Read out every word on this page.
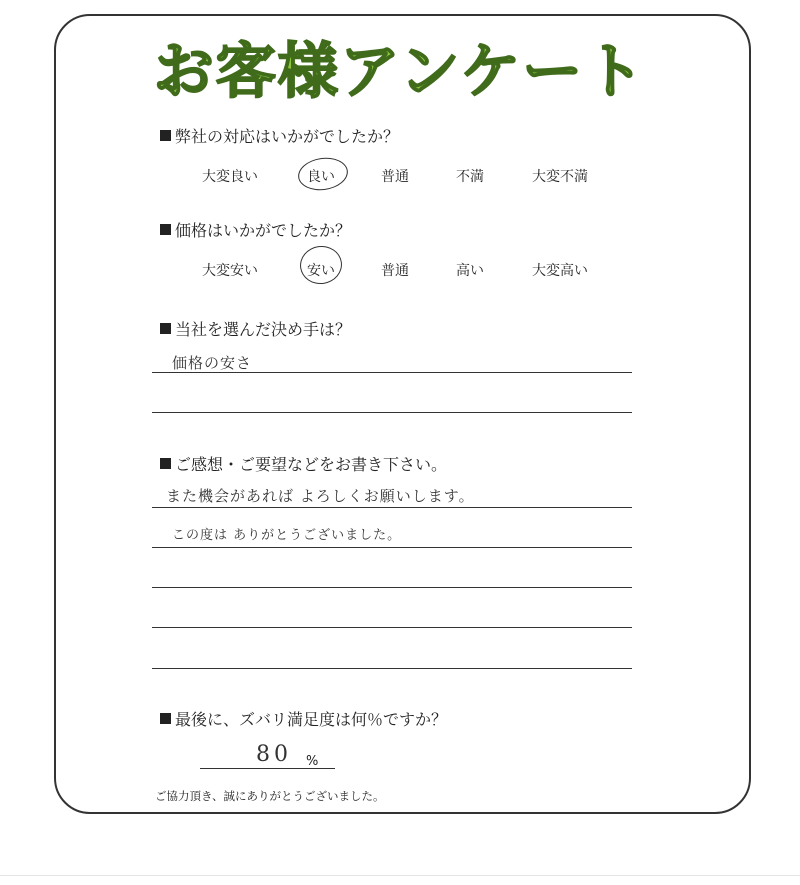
お客様アンケート
弊社の対応はいかがでしたか？
大変良い	良い	普通	不満	大変不満
価格はいかがでしたか？
大変安い	安い	普通	高い	大変高い
当社を選んだ決め手は？
価格の安さ
ご感想・ご要望などをお書き下さい。
また機会があれば よろしくお願いします。
この度は ありがとうございました。
最後に、ズバリ満足度は何％ですか？
80 %
ご協力頂き、誠にありがとうございました。
